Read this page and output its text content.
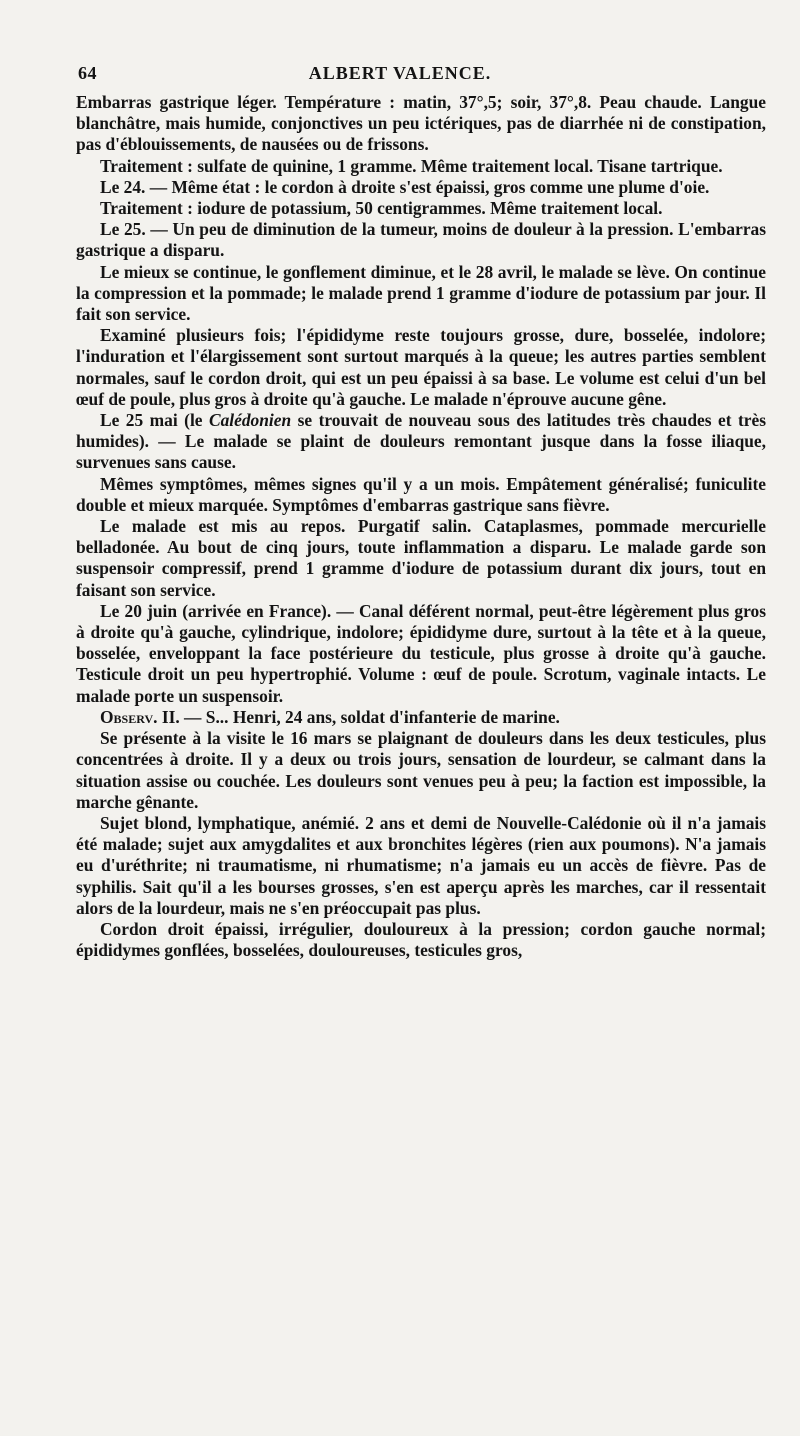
64	ALBERT VALENCE.

Embarras gastrique léger. Température : matin, 37°,5; soir, 37°,8. Peau chaude. Langue blanchâtre, mais humide, conjonctives un peu ictériques, pas de diarrhée ni de constipation, pas d'éblouissements, de nausées ou de frissons.

Traitement : sulfate de quinine, 1 gramme. Même traitement local. Tisane tartrique.

Le 24. — Même état : le cordon à droite s'est épaissi, gros comme une plume d'oie.

Traitement : iodure de potassium, 50 centigrammes. Même traitement local.

Le 25. — Un peu de diminution de la tumeur, moins de douleur à la pression. L'embarras gastrique a disparu.

Le mieux se continue, le gonflement diminue, et le 28 avril, le malade se lève. On continue la compression et la pommade; le malade prend 1 gramme d'iodure de potassium par jour. Il fait son service.

Examiné plusieurs fois; l'épididyme reste toujours grosse, dure, bosselée, indolore; l'induration et l'élargissement sont surtout marqués à la queue; les autres parties semblent normales, sauf le cordon droit, qui est un peu épaissi à sa base. Le volume est celui d'un bel œuf de poule, plus gros à droite qu'à gauche. Le malade n'éprouve aucune gêne.

Le 25 mai (le Calédonien se trouvait de nouveau sous des latitudes très chaudes et très humides). — Le malade se plaint de douleurs remontant jusque dans la fosse iliaque, survenues sans cause.

Mêmes symptômes, mêmes signes qu'il y a un mois. Empâtement généralisé; funiculite double et mieux marquée. Symptômes d'embarras gastrique sans fièvre.

Le malade est mis au repos. Purgatif salin. Cataplasmes, pommade mercurielle belladonée. Au bout de cinq jours, toute inflammation a disparu. Le malade garde son suspensoir compressif, prend 1 gramme d'iodure de potassium durant dix jours, tout en faisant son service.

Le 20 juin (arrivée en France). — Canal déférent normal, peut-être légèrement plus gros à droite qu'à gauche, cylindrique, indolore; épididyme dure, surtout à la tête et à la queue, bosselée, enveloppant la face postérieure du testicule, plus grosse à droite qu'à gauche. Testicule droit un peu hypertrophié. Volume : œuf de poule. Scrotum, vaginale intacts. Le malade porte un suspensoir.

Observ. II. — S... Henri, 24 ans, soldat d'infanterie de marine.

Se présente à la visite le 16 mars se plaignant de douleurs dans les deux testicules, plus concentrées à droite. Il y a deux ou trois jours, sensation de lourdeur, se calmant dans la situation assise ou couchée. Les douleurs sont venues peu à peu; la faction est impossible, la marche gênante.

Sujet blond, lymphatique, anémié. 2 ans et demi de Nouvelle-Calédonie où il n'a jamais été malade; sujet aux amygdalites et aux bronchites légères (rien aux poumons). N'a jamais eu d'uréthrite; ni traumatisme, ni rhumatisme; n'a jamais eu un accès de fièvre. Pas de syphilis. Sait qu'il a les bourses grosses, s'en est aperçu après les marches, car il ressentait alors de la lourdeur, mais ne s'en préoccupait pas plus.

Cordon droit épaissi, irrégulier, douloureux à la pression; cordon gauche normal; épididymes gonflées, bosselées, douloureuses, testicules gros,
